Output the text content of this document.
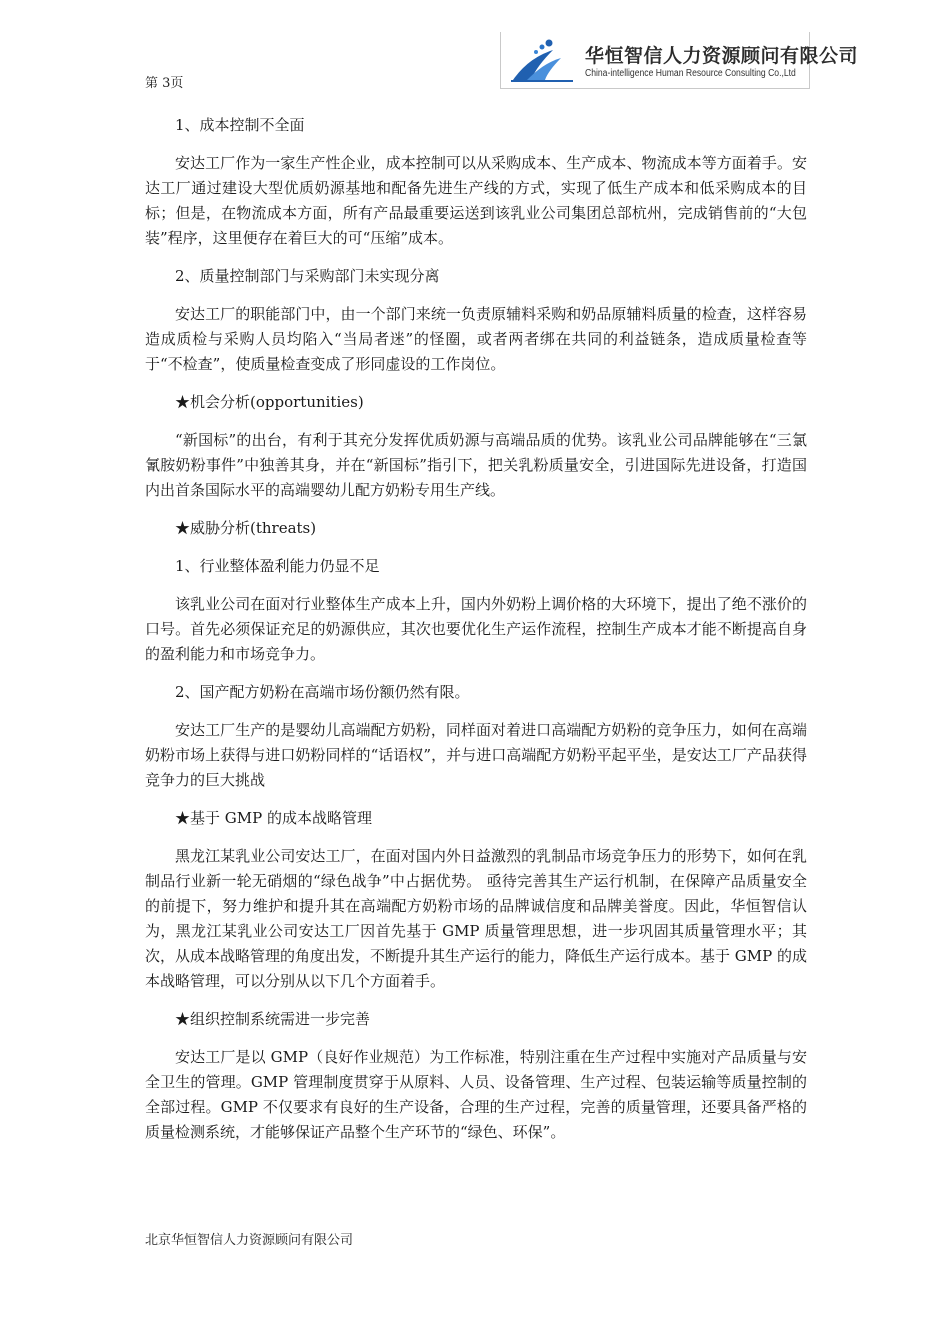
第 3页
华恒智信人力资源顾问有限公司
China-intelligence Human Resource Consulting Co.,Ltd

1、成本控制不全面

安达工厂作为一家生产性企业，成本控制可以从采购成本、生产成本、物流成本等方面着手。安达工厂通过建设大型优质奶源基地和配备先进生产线的方式，实现了低生产成本和低采购成本的目标；但是，在物流成本方面，所有产品最重要运送到该乳业公司集团总部杭州，完成销售前的“大包装”程序，这里便存在着巨大的可“压缩”成本。

2、质量控制部门与采购部门未实现分离

安达工厂的职能部门中，由一个部门来统一负责原辅料采购和奶品原辅料质量的检查，这样容易造成质检与采购人员均陷入“当局者迷”的怪圈，或者两者绑在共同的利益链条，造成质量检查等于“不检查”，使质量检查变成了形同虚设的工作岗位。

★机会分析(opportunities)

“新国标”的出台，有利于其充分发挥优质奶源与高端品质的优势。该乳业公司品牌能够在“三氯氰胺奶粉事件”中独善其身，并在“新国标”指引下，把关乳粉质量安全，引进国际先进设备，打造国内出首条国际水平的高端婴幼儿配方奶粉专用生产线。

★威胁分析(threats)

1、行业整体盈利能力仍显不足

该乳业公司在面对行业整体生产成本上升，国内外奶粉上调价格的大环境下，提出了绝不涨价的口号。首先必须保证充足的奶源供应，其次也要优化生产运作流程，控制生产成本才能不断提高自身的盈利能力和市场竞争力。

2、国产配方奶粉在高端市场份额仍然有限。

安达工厂生产的是婴幼儿高端配方奶粉，同样面对着进口高端配方奶粉的竞争压力，如何在高端奶粉市场上获得与进口奶粉同样的“话语权”，并与进口高端配方奶粉平起平坐，是安达工厂产品获得竞争力的巨大挑战

★基于 GMP 的成本战略管理

黑龙江某乳业公司安达工厂，在面对国内外日益激烈的乳制品市场竞争压力的形势下，如何在乳制品行业新一轮无硝烟的“绿色战争”中占据优势。 亟待完善其生产运行机制，在保障产品质量安全的前提下，努力维护和提升其在高端配方奶粉市场的品牌诚信度和品牌美誉度。因此，华恒智信认为，黑龙江某乳业公司安达工厂因首先基于 GMP 质量管理思想，进一步巩固其质量管理水平；其次，从成本战略管理的角度出发，不断提升其生产运行的能力，降低生产运行成本。基于 GMP 的成本战略管理，可以分别从以下几个方面着手。

★组织控制系统需进一步完善

安达工厂是以 GMP（良好作业规范）为工作标准，特别注重在生产过程中实施对产品质量与安全卫生的管理。GMP 管理制度贯穿于从原料、人员、设备管理、生产过程、包装运输等质量控制的全部过程。GMP 不仅要求有良好的生产设备，合理的生产过程，完善的质量管理，还要具备严格的质量检测系统，才能够保证产品整个生产环节的“绿色、环保”。

北京华恒智信人力资源顾问有限公司
